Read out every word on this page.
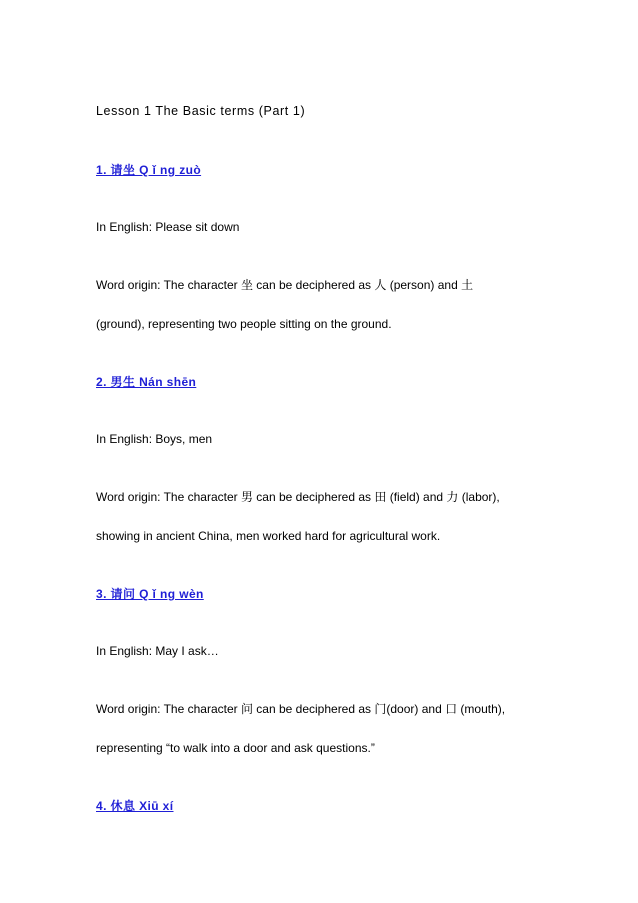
Lesson 1 The Basic terms (Part 1)
1. 请坐 Q ǐ ng zuò
In English: Please sit down
Word origin: The character 坐 can be deciphered as 人 (person) and 土
(ground), representing two people sitting on the ground.
2. 男生 Nán shēn
In English: Boys, men
Word origin: The character 男 can be deciphered as 田 (field) and 力 (labor),
showing in ancient China, men worked hard for agricultural work.
3. 请问 Q ǐ ng wèn
In English: May I ask…
Word origin: The character 问 can be deciphered as 门(door) and 口 (mouth),
representing “to walk into a door and ask questions.”
4. 休息 Xiū xí
